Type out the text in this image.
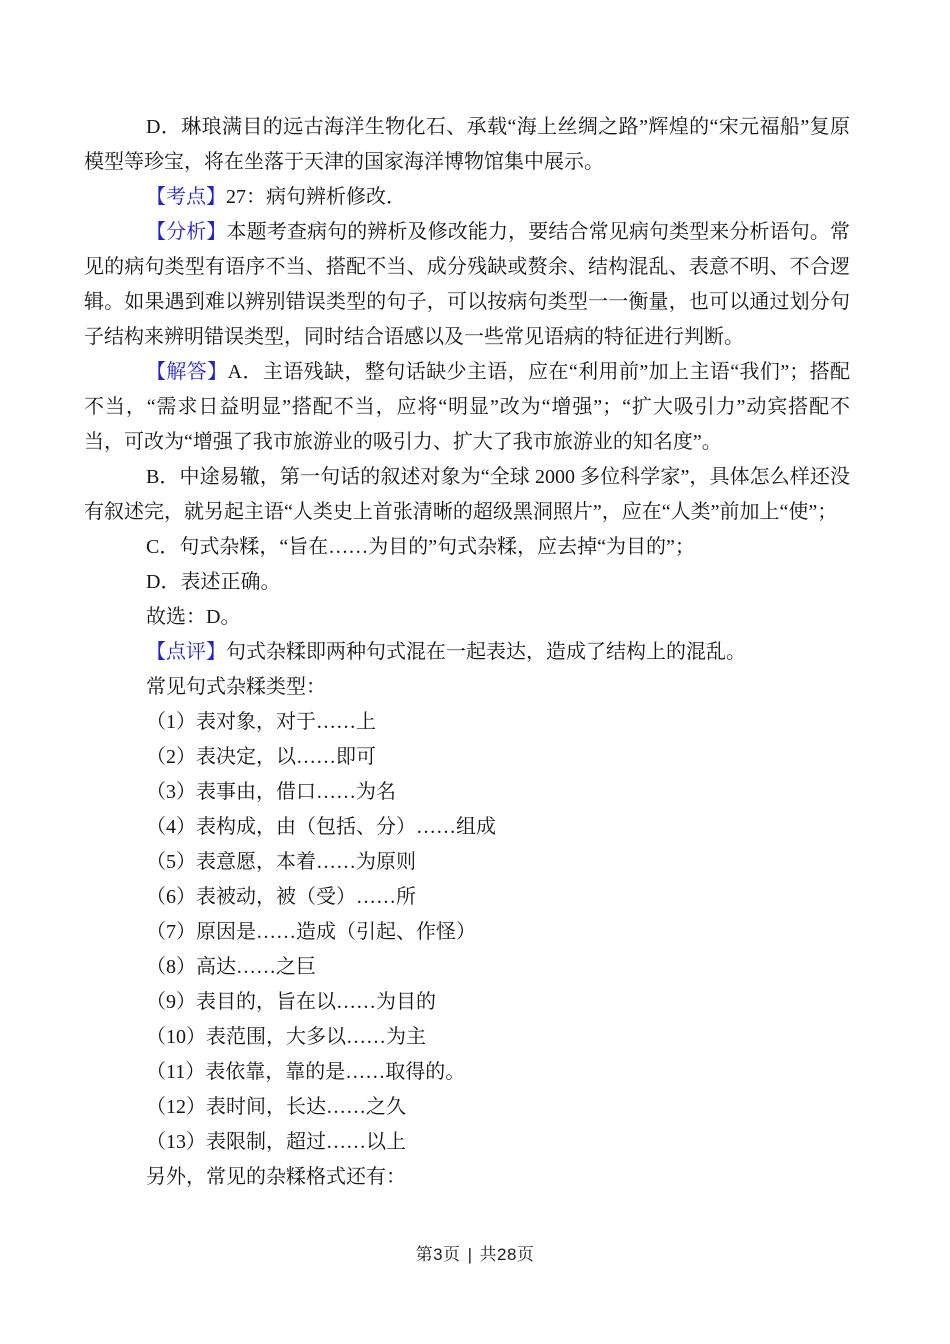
D．琳琅满目的远古海洋生物化石、承载“海上丝绸之路”辉煌的“宋元福船”复原模型等珍宝，将在坐落于天津的国家海洋博物馆集中展示。

【考点】27：病句辨析修改．

【分析】本题考查病句的辨析及修改能力，要结合常见病句类型来分析语句。常见的病句类型有语序不当、搭配不当、成分残缺或赘余、结构混乱、表意不明、不合逻辑。如果遇到难以辨别错误类型的句子，可以按病句类型一一衡量，也可以通过划分句子结构来辨明错误类型，同时结合语感以及一些常见语病的特征进行判断。

【解答】A．主语残缺，整句话缺少主语，应在“利用前”加上主语“我们”；搭配不当，“需求日益明显”搭配不当，应将“明显”改为“增强”；“扩大吸引力”动宾搭配不当，可改为“增强了我市旅游业的吸引力、扩大了我市旅游业的知名度”。

B．中途易辙，第一句话的叙述对象为“全球 2000 多位科学家”，具体怎么样还没有叙述完，就另起主语“人类史上首张清晰的超级黑洞照片”，应在“人类”前加上“使”；

C．句式杂糅，“旨在……为目的”句式杂糅，应去掉“为目的”；

D．表述正确。

故选：D。

【点评】句式杂糅即两种句式混在一起表达，造成了结构上的混乱。

常见句式杂糅类型：

（1）表对象，对于……上

（2）表决定，以……即可

（3）表事由，借口……为名

（4）表构成，由（包括、分）……组成

（5）表意愿，本着……为原则

（6）表被动，被（受）……所

（7）原因是……造成（引起、作怪）

（8）高达……之巨

（9）表目的，旨在以……为目的

（10）表范围，大多以……为主

（11）表依靠，靠的是……取得的。

（12）表时间，长达……之久

（13）表限制，超过……以上

另外，常见的杂糅格式还有：

第3页 | 共28页
